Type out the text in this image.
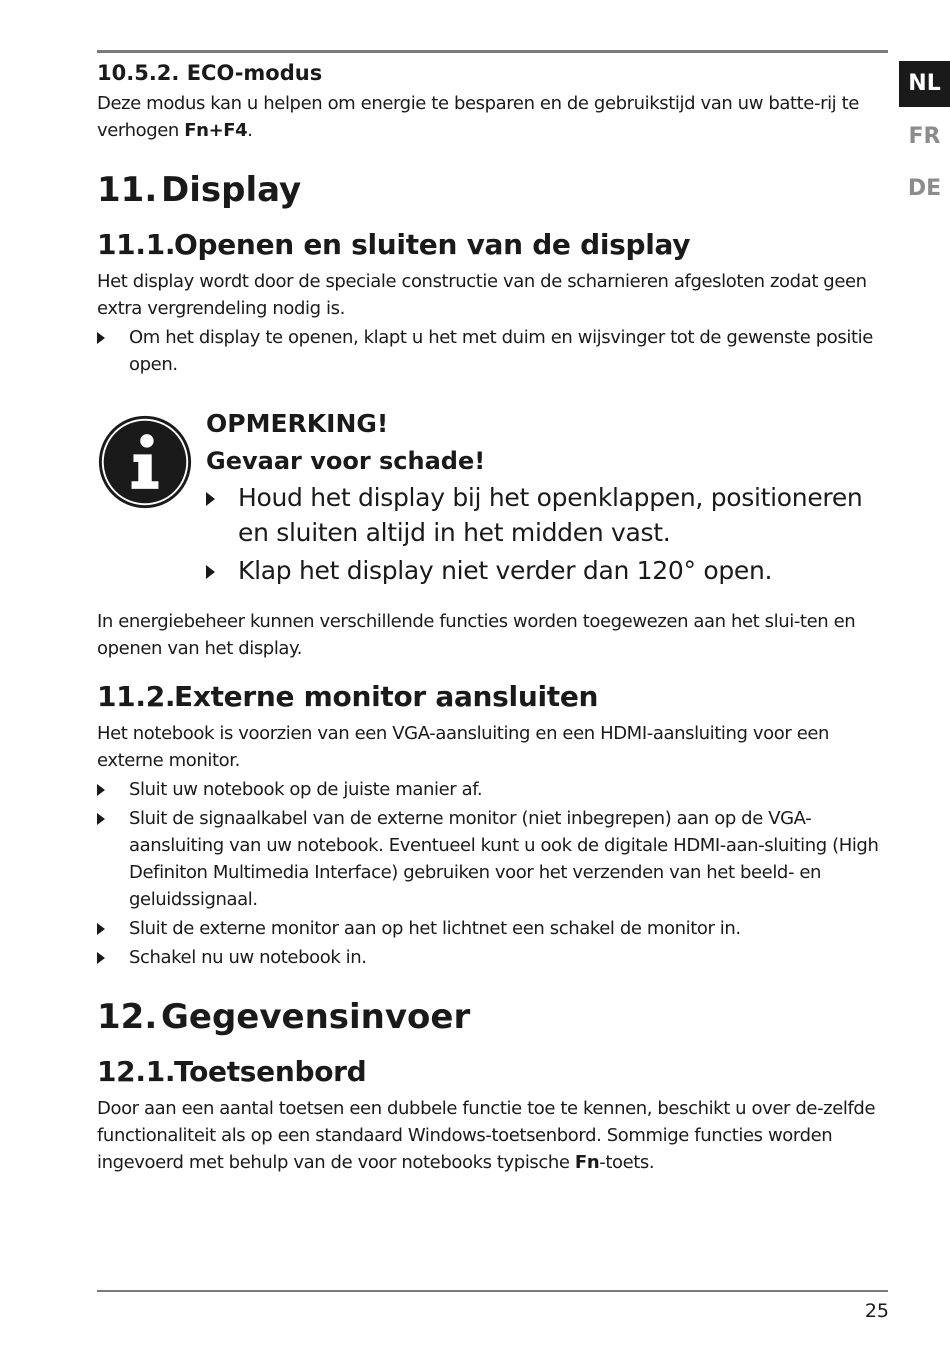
NL
FR
DE
10.5.2. ECO-modus

Deze modus kan u helpen om energie te besparen en de gebruikstijd van uw batte-rij te verhogen Fn+F4.

11. Display
11.1.Openen en sluiten van de display

Het display wordt door de speciale constructie van de scharnieren afgesloten zodat geen extra vergrendeling nodig is.

Om het display te openen, klapt u het met duim en wijsvinger tot de gewenste positie open.

OPMERKING!

Gevaar voor schade!

Houd het display bij het openklappen, positioneren en sluiten altijd in het midden vast.
Klap het display niet verder dan 120° open.

In energiebeheer kunnen verschillende functies worden toegewezen aan het slui-ten en openen van het display.

11.2.Externe monitor aansluiten

Het notebook is voorzien van een VGA-aansluiting en een HDMI-aansluiting voor een externe monitor.

Sluit uw notebook op de juiste manier af.
Sluit de signaalkabel van de externe monitor (niet inbegrepen) aan op de VGA-aansluiting van uw notebook. Eventueel kunt u ook de digitale HDMI-aan-sluiting (High Definiton Multimedia Interface) gebruiken voor het verzenden van het beeld- en geluidssignaal.
Sluit de externe monitor aan op het lichtnet een schakel de monitor in.
Schakel nu uw notebook in.
12. Gegevensinvoer
12.1.Toetsenbord

Door aan een aantal toetsen een dubbele functie toe te kennen, beschikt u over de-zelfde functionaliteit als op een standaard Windows-toetsenbord. Sommige functies worden ingevoerd met behulp van de voor notebooks typische Fn-toets.

25
